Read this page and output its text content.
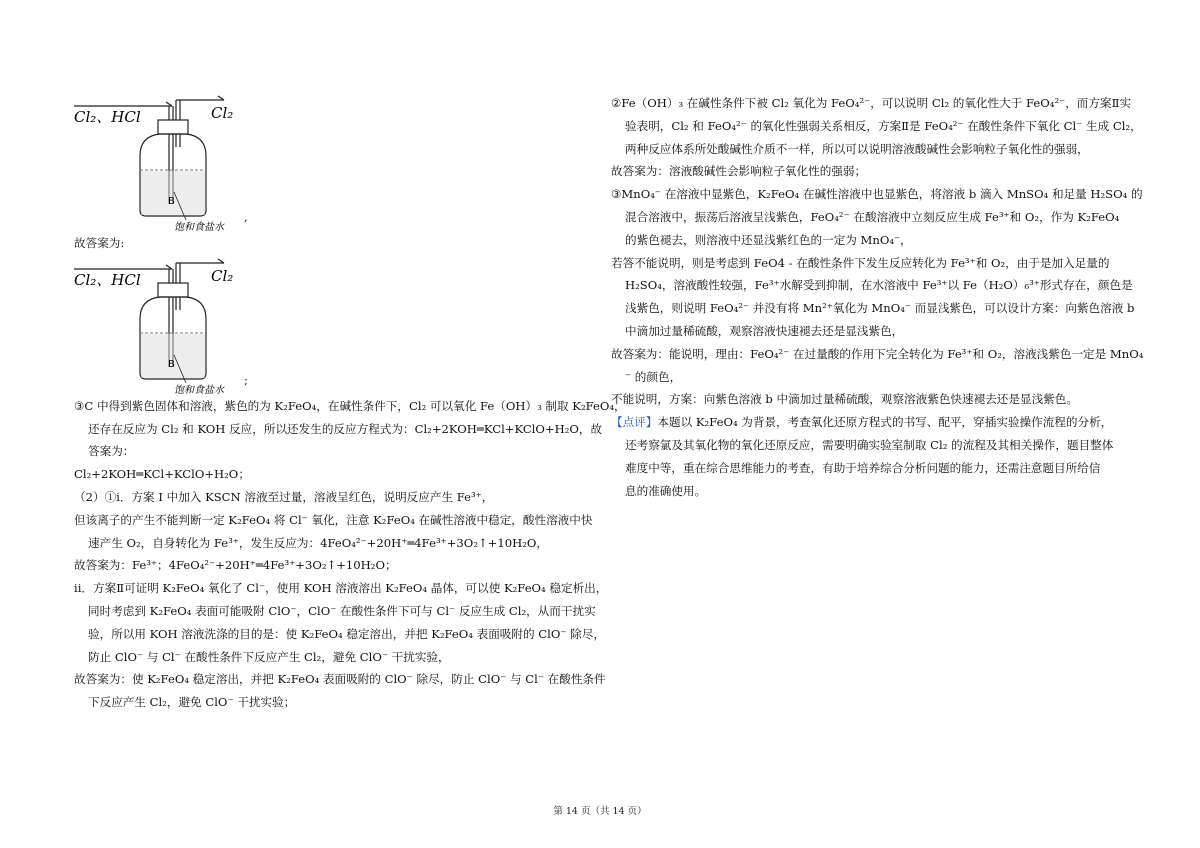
Cl₂、HCl	Cl₂
B
饱和食盐水
,
故答案为:
Cl₂、HCl	Cl₂
B
饱和食盐水
;
③C 中得到紫色固体和溶液，紫色的为 K₂FeO₄，在碱性条件下，Cl₂ 可以氧化 Fe（OH）₃ 制取 K₂FeO₄，
还存在反应为 Cl₂ 和 KOH 反应，所以还发生的反应方程式为：Cl₂+2KOH═KCl+KClO+H₂O，故
答案为：
Cl₂+2KOH═KCl+KClO+H₂O；
（2）①i．方案 I 中加入 KSCN 溶液至过量，溶液呈红色，说明反应产生 Fe³⁺，
但该离子的产生不能判断一定 K₂FeO₄ 将 Cl⁻ 氧化，注意 K₂FeO₄ 在碱性溶液中稳定，酸性溶液中快
速产生 O₂，自身转化为 Fe³⁺，发生反应为：4FeO₄²⁻+20H⁺═4Fe³⁺+3O₂↑+10H₂O，
故答案为：Fe³⁺；4FeO₄²⁻+20H⁺═4Fe³⁺+3O₂↑+10H₂O；
ii．方案Ⅱ可证明 K₂FeO₄ 氧化了 Cl⁻，使用 KOH 溶液溶出 K₂FeO₄ 晶体，可以使 K₂FeO₄ 稳定析出，
同时考虑到 K₂FeO₄ 表面可能吸附 ClO⁻，ClO⁻ 在酸性条件下可与 Cl⁻ 反应生成 Cl₂，从而干扰实
验，所以用 KOH 溶液洗涤的目的是：使 K₂FeO₄ 稳定溶出，并把 K₂FeO₄ 表面吸附的 ClO⁻ 除尽，
防止 ClO⁻ 与 Cl⁻ 在酸性条件下反应产生 Cl₂，避免 ClO⁻ 干扰实验，
故答案为：使 K₂FeO₄ 稳定溶出，并把 K₂FeO₄ 表面吸附的 ClO⁻ 除尽，防止 ClO⁻ 与 Cl⁻ 在酸性条件
下反应产生 Cl₂，避免 ClO⁻ 干扰实验；
②Fe（OH）₃ 在碱性条件下被 Cl₂ 氧化为 FeO₄²⁻，可以说明 Cl₂ 的氧化性大于 FeO₄²⁻，而方案Ⅱ实
验表明，Cl₂ 和 FeO₄²⁻ 的氧化性强弱关系相反，方案Ⅱ是 FeO₄²⁻ 在酸性条件下氧化 Cl⁻ 生成 Cl₂，
两种反应体系所处酸碱性介质不一样，所以可以说明溶液酸碱性会影响粒子氧化性的强弱，
故答案为：溶液酸碱性会影响粒子氧化性的强弱；
③MnO₄⁻ 在溶液中显紫色，K₂FeO₄ 在碱性溶液中也显紫色，将溶液 b 滴入 MnSO₄ 和足量 H₂SO₄ 的
混合溶液中，振荡后溶液呈浅紫色，FeO₄²⁻ 在酸溶液中立刻反应生成 Fe³⁺和 O₂，作为 K₂FeO₄
的紫色褪去，则溶液中还显浅紫红色的一定为 MnO₄⁻，
若答不能说明，则是考虑到 FeO4 - 在酸性条件下发生反应转化为 Fe³⁺和 O₂，由于是加入足量的
H₂SO₄，溶液酸性较强，Fe³⁺水解受到抑制，在水溶液中 Fe³⁺以 Fe（H₂O）₆³⁺形式存在，颜色是
浅紫色，则说明 FeO₄²⁻ 并没有将 Mn²⁺氧化为 MnO₄⁻ 而显浅紫色，可以设计方案：向紫色溶液 b
中滴加过量稀硫酸，观察溶液快速褪去还是显浅紫色，
故答案为：能说明，理由：FeO₄²⁻ 在过量酸的作用下完全转化为 Fe³⁺和 O₂，溶液浅紫色一定是 MnO₄
⁻ 的颜色，
不能说明，方案：向紫色溶液 b 中滴加过量稀硫酸，观察溶液紫色快速褪去还是显浅紫色。
【点评】本题以 K₂FeO₄ 为背景，考查氧化还原方程式的书写、配平，穿插实验操作流程的分析，
还考察氯及其氧化物的氧化还原反应，需要明确实验室制取 Cl₂ 的流程及其相关操作，题目整体
难度中等，重在综合思维能力的考查，有助于培养综合分析问题的能力，还需注意题目所给信
息的准确使用。
第 14 页（共 14 页）
